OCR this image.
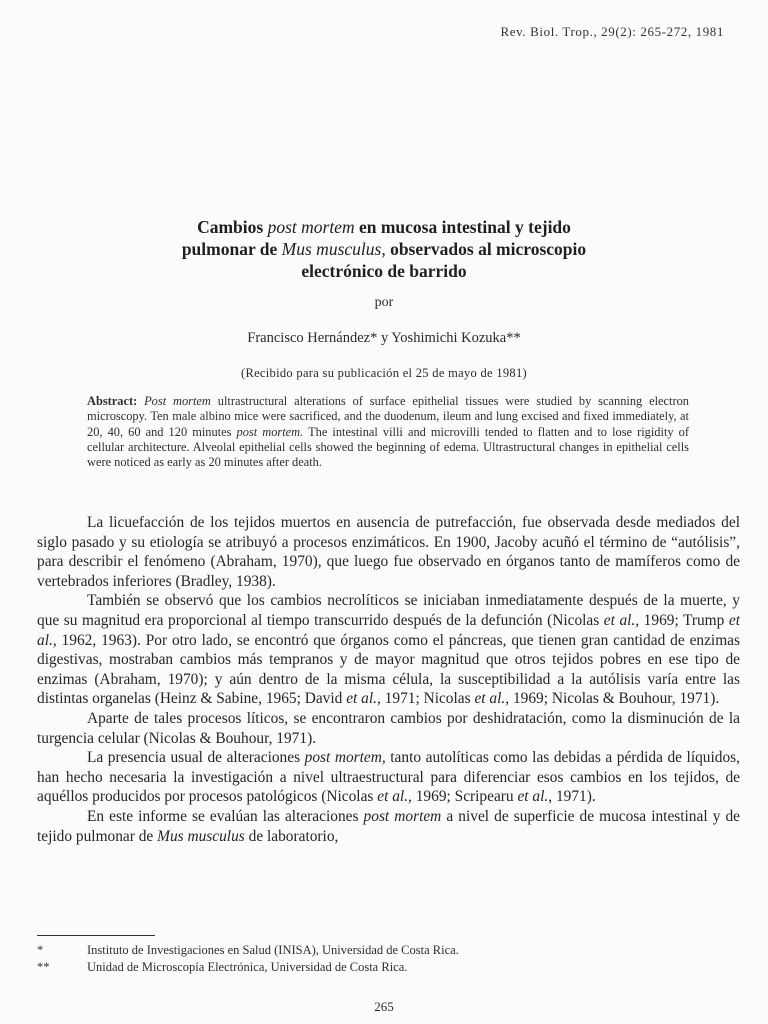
Rev. Biol. Trop., 29(2): 265-272, 1981
Cambios post mortem en mucosa intestinal y tejido
pulmonar de Mus musculus, observados al microscopio
electrónico de barrido
por
Francisco Hernández* y Yoshimichi Kozuka**
(Recibido para su publicación el 25 de mayo de 1981)
Abstract: Post mortem ultrastructural alterations of surface epithelial tissues were studied by scanning electron microscopy. Ten male albino mice were sacrificed, and the duodenum, ileum and lung excised and fixed immediately, at 20, 40, 60 and 120 minutes post mortem. The intestinal villi and microvilli tended to flatten and to lose rigidity of cellular architecture. Alveolal epithelial cells showed the beginning of edema. Ultrastructural changes in epithelial cells were noticed as early as 20 minutes after death.

La licuefacción de los tejidos muertos en ausencia de putrefacción, fue observada desde mediados del siglo pasado y su etiología se atribuyó a procesos enzimáticos. En 1900, Jacoby acuñó el término de “autólisis”, para describir el fenómeno (Abraham, 1970), que luego fue observado en órganos tanto de mamíferos como de vertebrados inferiores (Bradley, 1938).

También se observó que los cambios necrolíticos se iniciaban inmediatamente después de la muerte, y que su magnitud era proporcional al tiempo transcurrido después de la defunción (Nicolas et al., 1969; Trump et al., 1962, 1963). Por otro lado, se encontró que órganos como el páncreas, que tienen gran cantidad de enzimas digestivas, mostraban cambios más tempranos y de mayor magnitud que otros tejidos pobres en ese tipo de enzimas (Abraham, 1970); y aún dentro de la misma célula, la susceptibilidad a la autólisis varía entre las distintas organelas (Heinz & Sabine, 1965; David et al., 1971; Nicolas et al., 1969; Nicolas & Bouhour, 1971).

Aparte de tales procesos líticos, se encontraron cambios por deshidratación, como la disminución de la turgencia celular (Nicolas & Bouhour, 1971).

La presencia usual de alteraciones post mortem, tanto autolíticas como las debidas a pérdida de líquidos, han hecho necesaria la investigación a nivel ultraestructural para diferenciar esos cambios en los tejidos, de aquéllos producidos por procesos patológicos (Nicolas et al., 1969; Scripearu et al., 1971).

En este informe se evalúan las alteraciones post mortem a nivel de superficie de mucosa intestinal y de tejido pulmonar de Mus musculus de laboratorio,

*	Instituto de Investigaciones en Salud (INISA), Universidad de Costa Rica.
**	Unidad de Microscopía Electrónica, Universidad de Costa Rica.
265
